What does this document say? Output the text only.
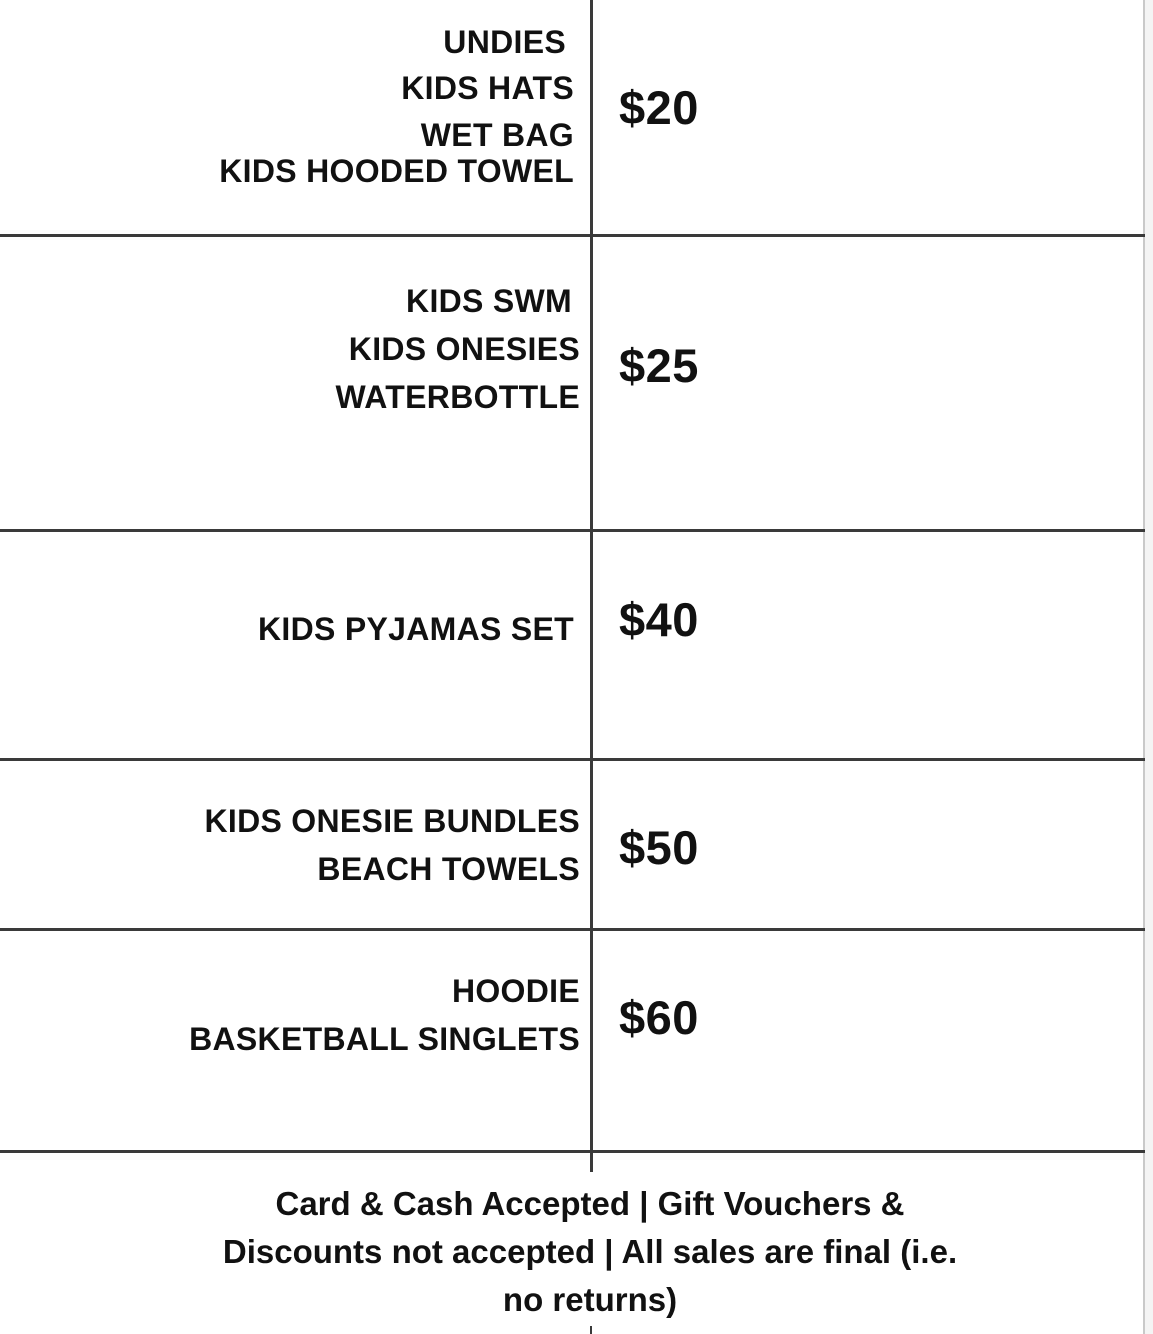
UNDIES
KIDS HATS
WET BAG
KIDS HOODED TOWEL
$20
KIDS SWM
KIDS ONESIES
WATERBOTTLE
$25
KIDS PYJAMAS SET $40
KIDS ONESIE BUNDLES
BEACH TOWELS $50
HOODIE
BASKETBALL SINGLETS $60
Card & Cash Accepted | Gift Vouchers &
Discounts not accepted | All sales are final (i.e.
no returns)
